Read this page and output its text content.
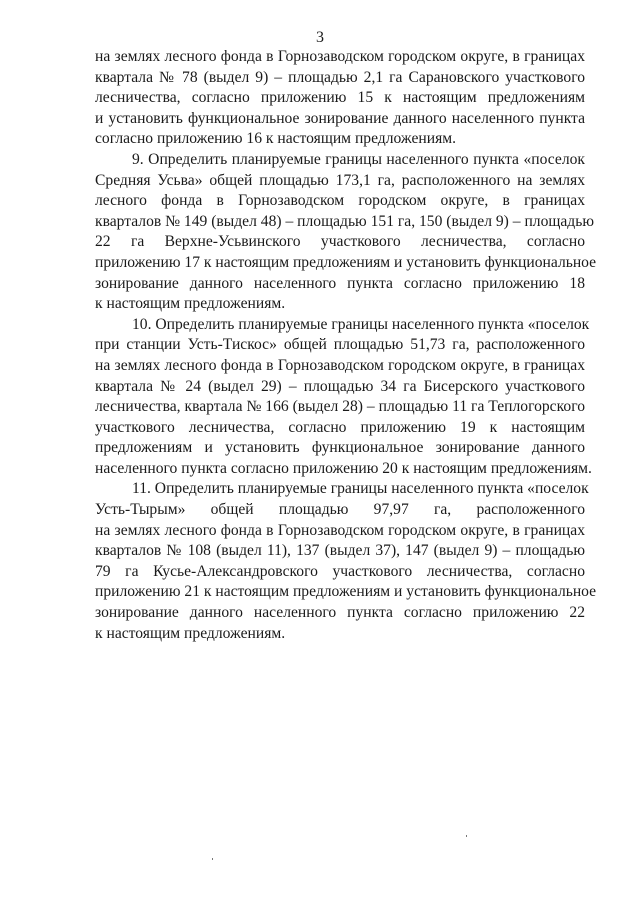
3
на землях лесного фонда в Горнозаводском городском округе, в границах
квартала № 78 (выдел 9) – площадью 2,1 га Сарановского участкового
лесничества, согласно приложению 15 к настоящим предложениям
и установить функциональное зонирование данного населенного пункта
согласно приложению 16 к настоящим предложениям.
9. Определить планируемые границы населенного пункта «поселок
Средняя Усьва» общей площадью 173,1 га, расположенного на землях
лесного фонда в Горнозаводском городском округе, в границах
кварталов № 149 (выдел 48) – площадью 151 га, 150 (выдел 9) – площадью
22 га Верхне-Усьвинского участкового лесничества, согласно
приложению 17 к настоящим предложениям и установить функциональное
зонирование данного населенного пункта согласно приложению 18
к настоящим предложениям.
10. Определить планируемые границы населенного пункта «поселок
при станции Усть-Тискос» общей площадью 51,73 га, расположенного
на землях лесного фонда в Горнозаводском городском округе, в границах
квартала № 24 (выдел 29) – площадью 34 га Бисерского участкового
лесничества, квартала № 166 (выдел 28) – площадью 11 га Теплогорского
участкового лесничества, согласно приложению 19 к настоящим
предложениям и установить функциональное зонирование данного
населенного пункта согласно приложению 20 к настоящим предложениям.
11. Определить планируемые границы населенного пункта «поселок
Усть-Тырым» общей площадью 97,97 га, расположенного
на землях лесного фонда в Горнозаводском городском округе, в границах
кварталов № 108 (выдел 11), 137 (выдел 37), 147 (выдел 9) – площадью
79 га Кусье-Александровского участкового лесничества, согласно
приложению 21 к настоящим предложениям и установить функциональное
зонирование данного населенного пункта согласно приложению 22
к настоящим предложениям.
